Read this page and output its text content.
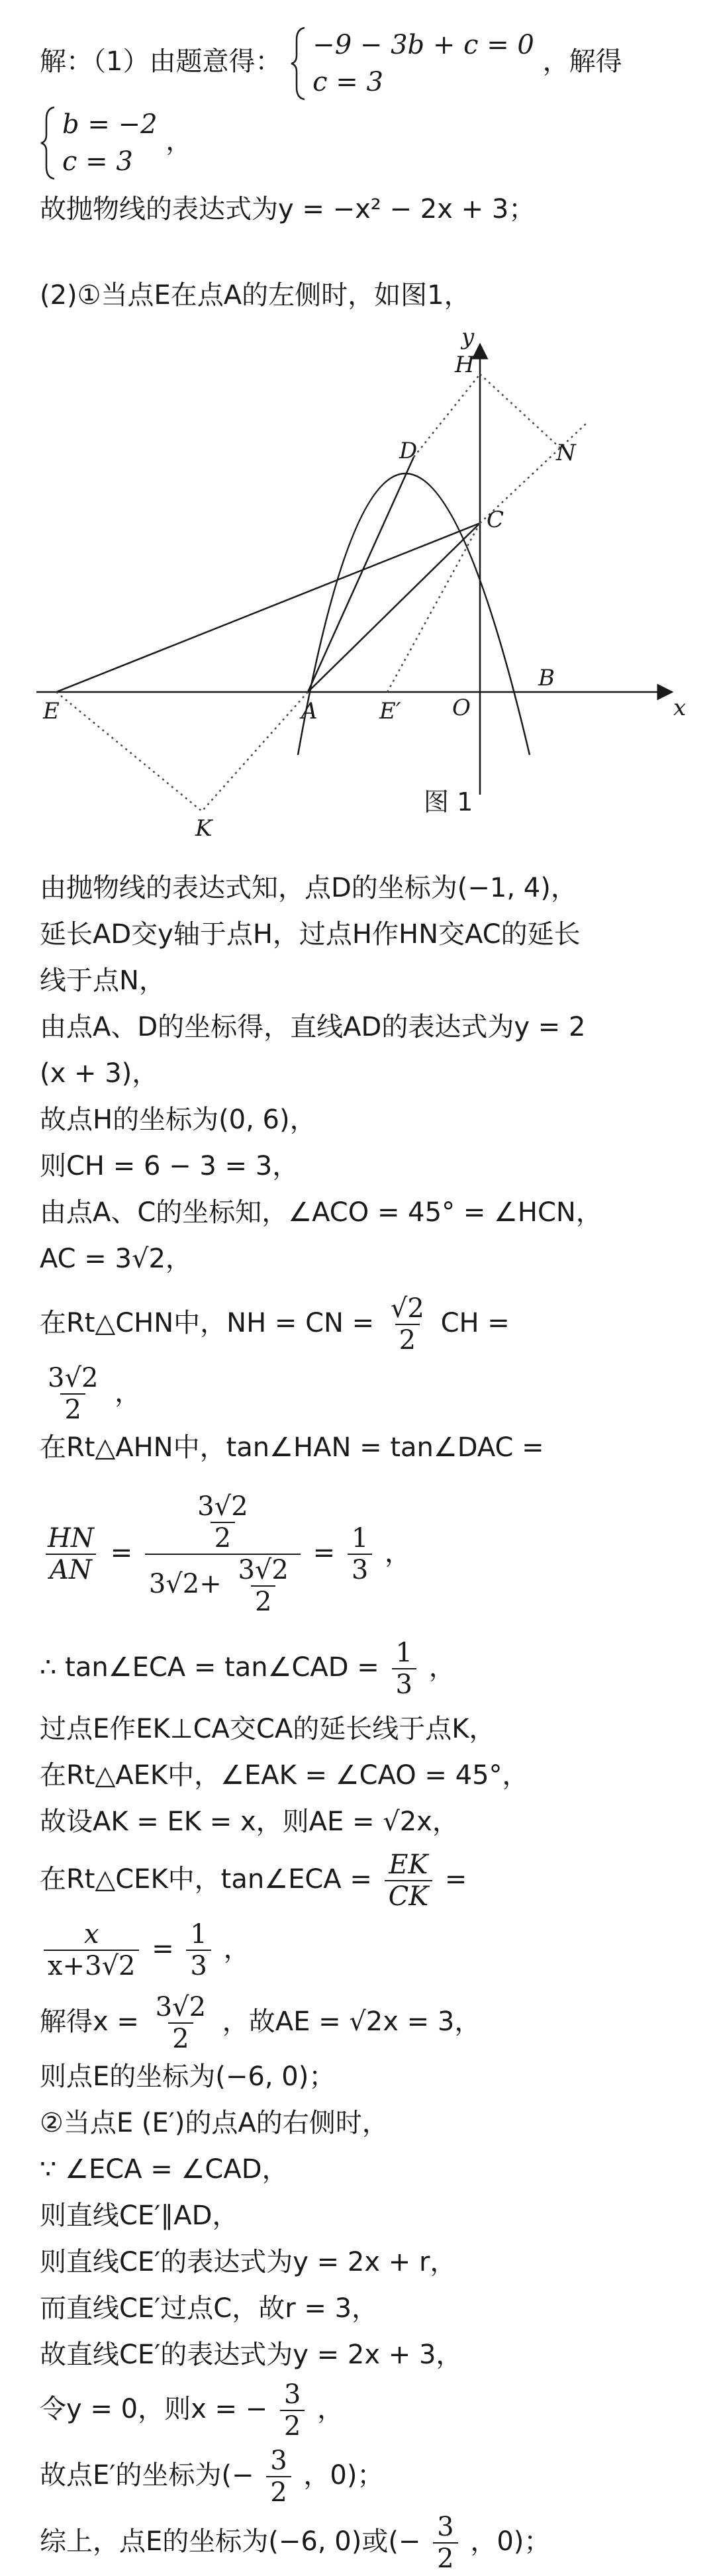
解：（1）由题意得：
−9 − 3b + c = 0
c = 3
，解得
b = −2
c = 3
，
故抛物线的表达式为y = −x² − 2x + 3；
(2)①当点E在点A的左侧时，如图1，
y
x
H
N
D
C
B
O
E	A	E′
K
图 1
由抛物线的表达式知，点D的坐标为(−1, 4)，
延长AD交y轴于点H，过点H作HN交AC的延长
线于点N，
由点A、D的坐标得，直线AD的表达式为y = 2
(x + 3)，
故点H的坐标为(0, 6)，
则CH = 6 − 3 = 3，
由点A、C的坐标知，∠ACO = 45° = ∠HCN，
AC = 3√2，
在Rt△CHN中，NH = CN = $\frac{√2}{2}$ CH =
$\frac{3√2}{2}$ ，
在Rt△AHN中，tan∠HAN = tan∠DAC =
$\frac{HN}{AN} = \frac{\frac{3√2}{2}}{3√2+ \frac{3√2}{2}} = \frac{1}{3}$ ，
∴ tan∠ECA = tan∠CAD = $\frac{1}{3}$ ，
过点E作EK⊥CA交CA的延长线于点K，
在Rt△AEK中，∠EAK = ∠CAO = 45°，
故设AK = EK = x，则AE = √2x，
在Rt△CEK中，tan∠ECA = $\frac{EK}{CK}$ =
$\frac{x}{x+3√2} = \frac{1}{3}$ ，
解得$x = \frac{3√2}{2}$ ，故AE = √2x = 3，
则点E的坐标为(−6, 0)；
②当点E (E′)的点A的右侧时，
∵ ∠ECA = ∠CAD，
则直线CE′∥AD，
则直线CE′的表达式为y = 2x + r，
而直线CE′过点C，故r = 3，
故直线CE′的表达式为y = 2x + 3，
令y = 0，则x = − $\frac{3}{2}$ ，
故点E′的坐标为(− $\frac{3}{2}$ ，0)；
综上，点E的坐标为(−6, 0)或(− $\frac{3}{2}$ ，0)；
